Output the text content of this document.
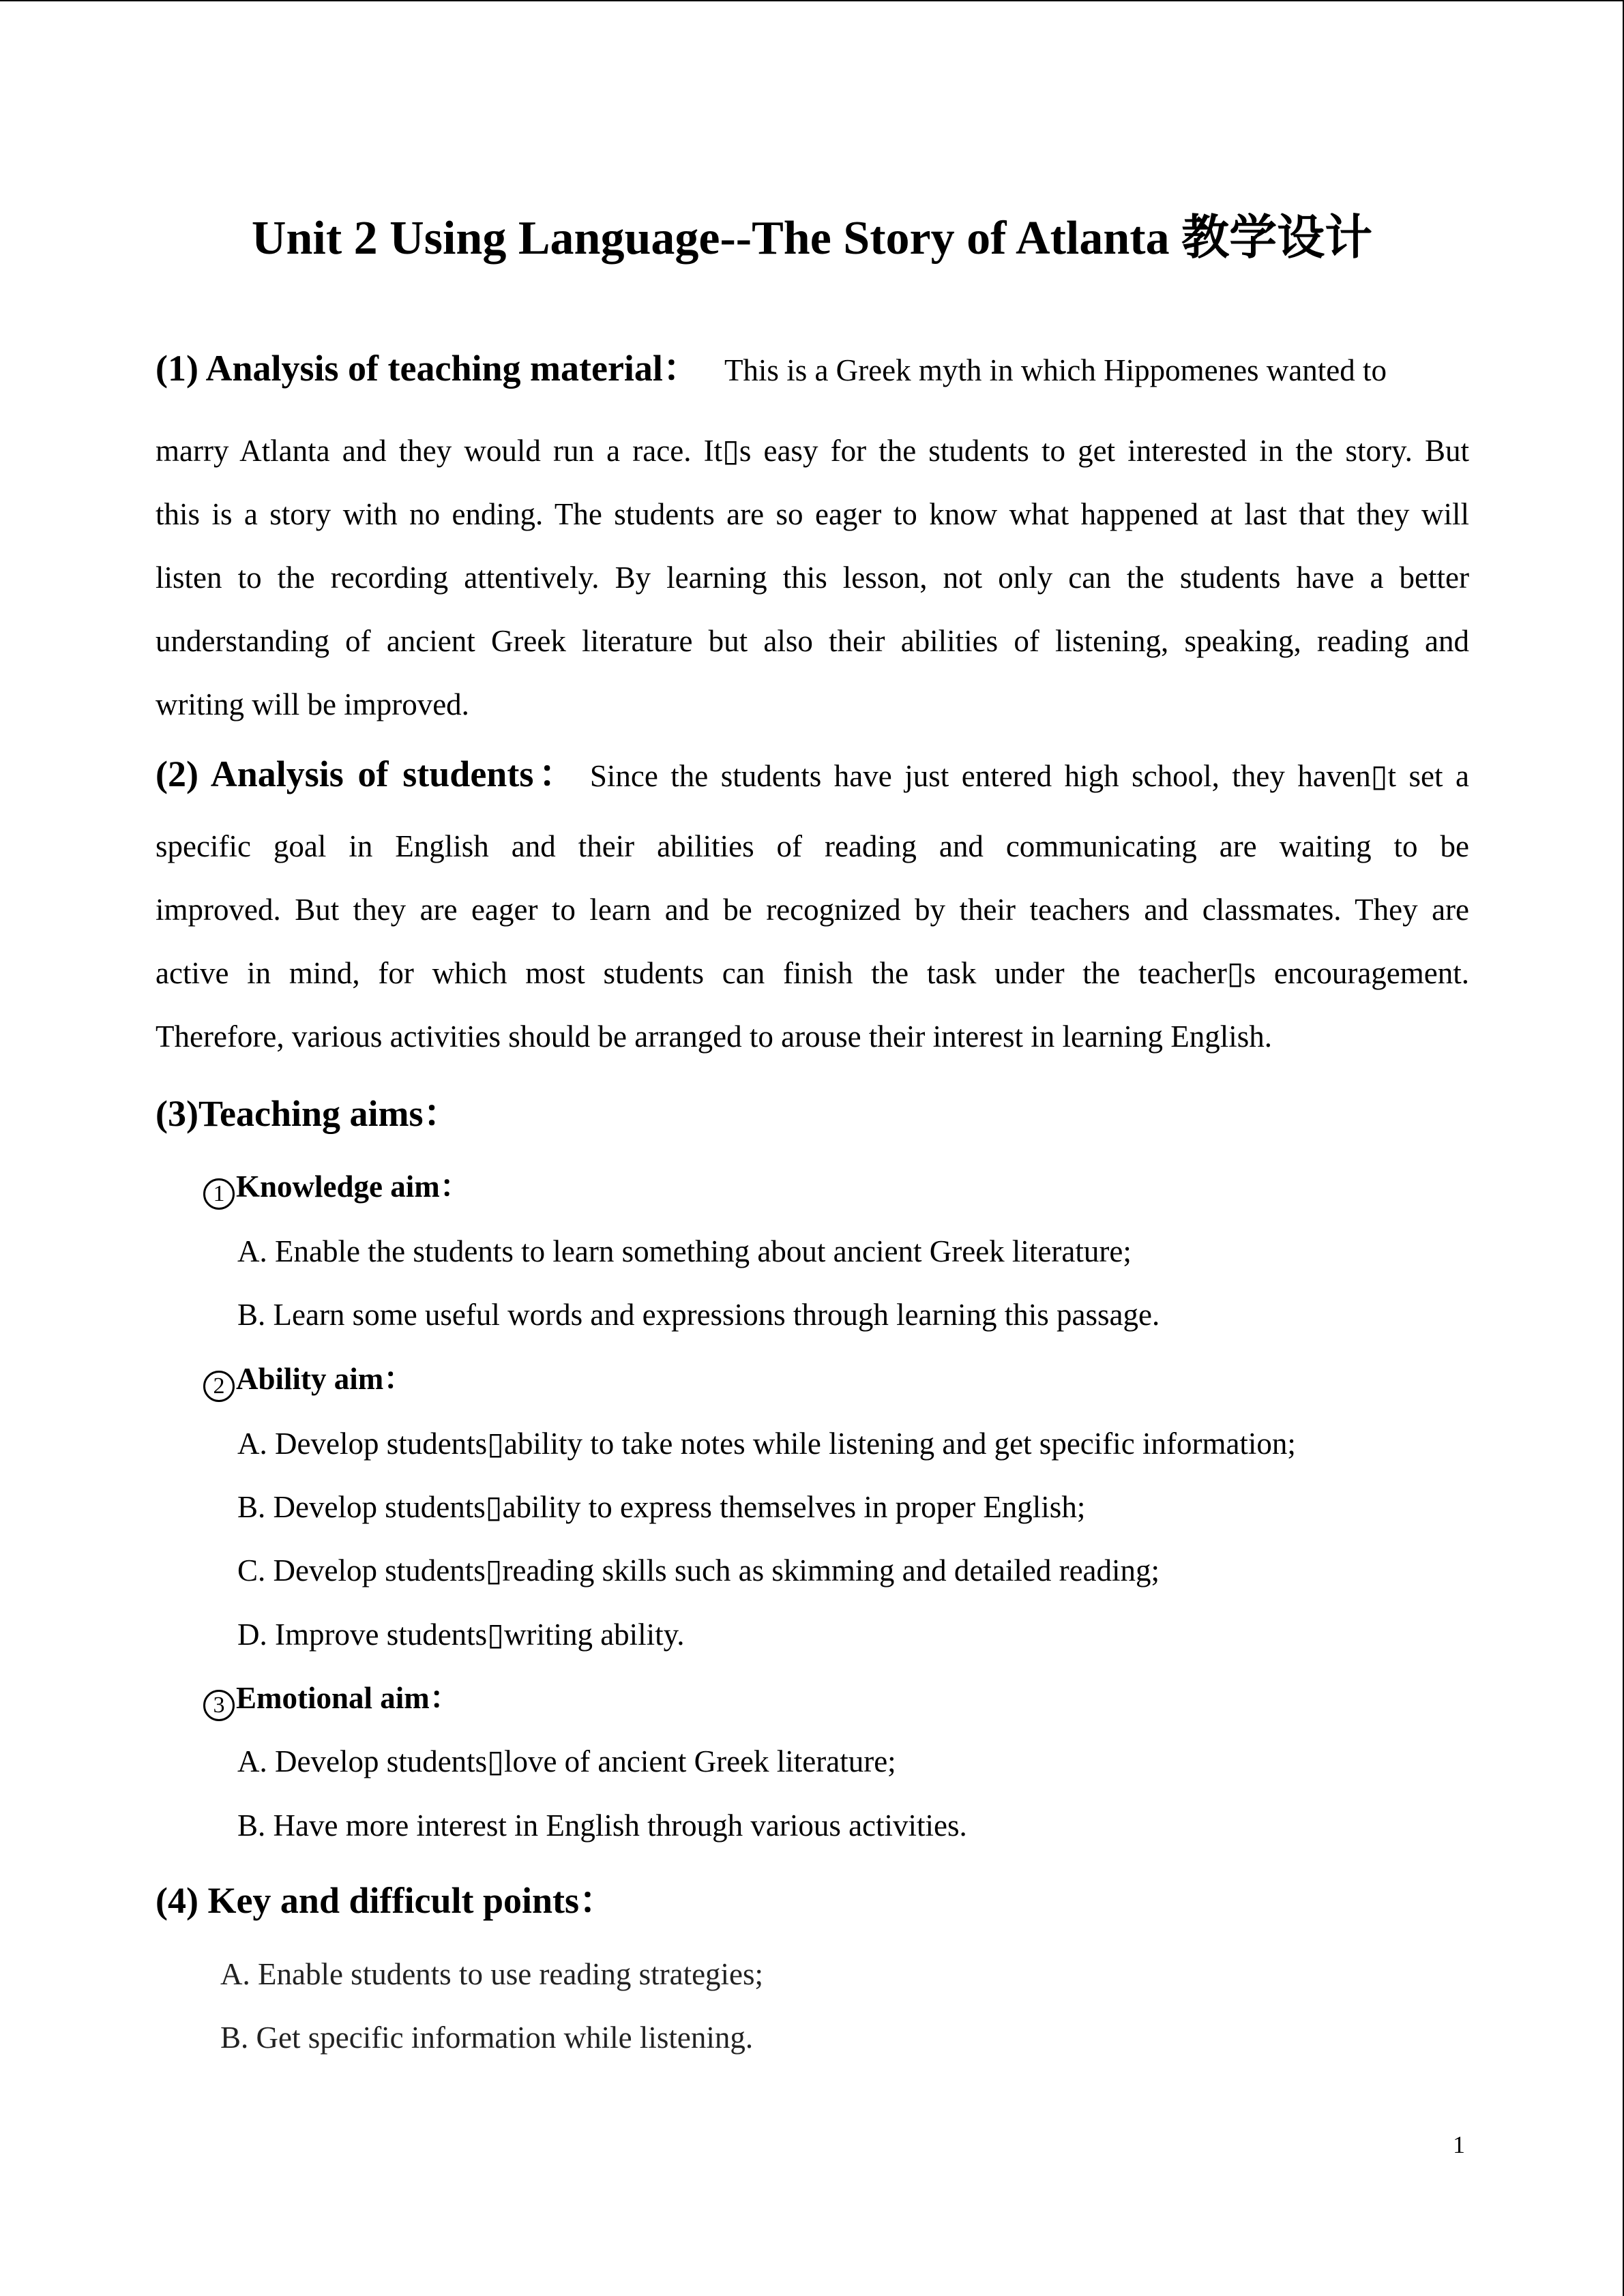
Unit 2 Using Language--The Story of Atlanta 教学设计
(1) Analysis of teaching material： This is a Greek myth in which Hippomenes wanted to
marry Atlanta and they would run a race. It▯s easy for the students to get interested in the story. But
this is a story with no ending. The students are so eager to know what happened at last that they will
listen to the recording attentively. By learning this lesson, not only can the students have a better
understanding of ancient Greek literature but also their abilities of listening, speaking, reading and
writing will be improved.
(2) Analysis of students： Since the students have just entered high school, they haven▯t set a
specific goal in English and their abilities of reading and communicating are waiting to be
improved. But they are eager to learn and be recognized by their teachers and classmates. They are
active in mind, for which most students can finish the task under the teacher▯s encouragement.
Therefore, various activities should be arranged to arouse their interest in learning English.
(3)Teaching aims：
1 Knowledge aim：
A. Enable the students to learn something about ancient Greek literature;
B. Learn some useful words and expressions through learning this passage.
2 Ability aim：
A. Develop students▯ability to take notes while listening and get specific information;
B. Develop students▯ability to express themselves in proper English;
C. Develop students▯reading skills such as skimming and detailed reading;
D. Improve students▯writing ability.
3 Emotional aim：
A. Develop students▯love of ancient Greek literature;
B. Have more interest in English through various activities.
(4) Key and difficult points：
A. Enable students to use reading strategies;
B. Get specific information while listening.
1
